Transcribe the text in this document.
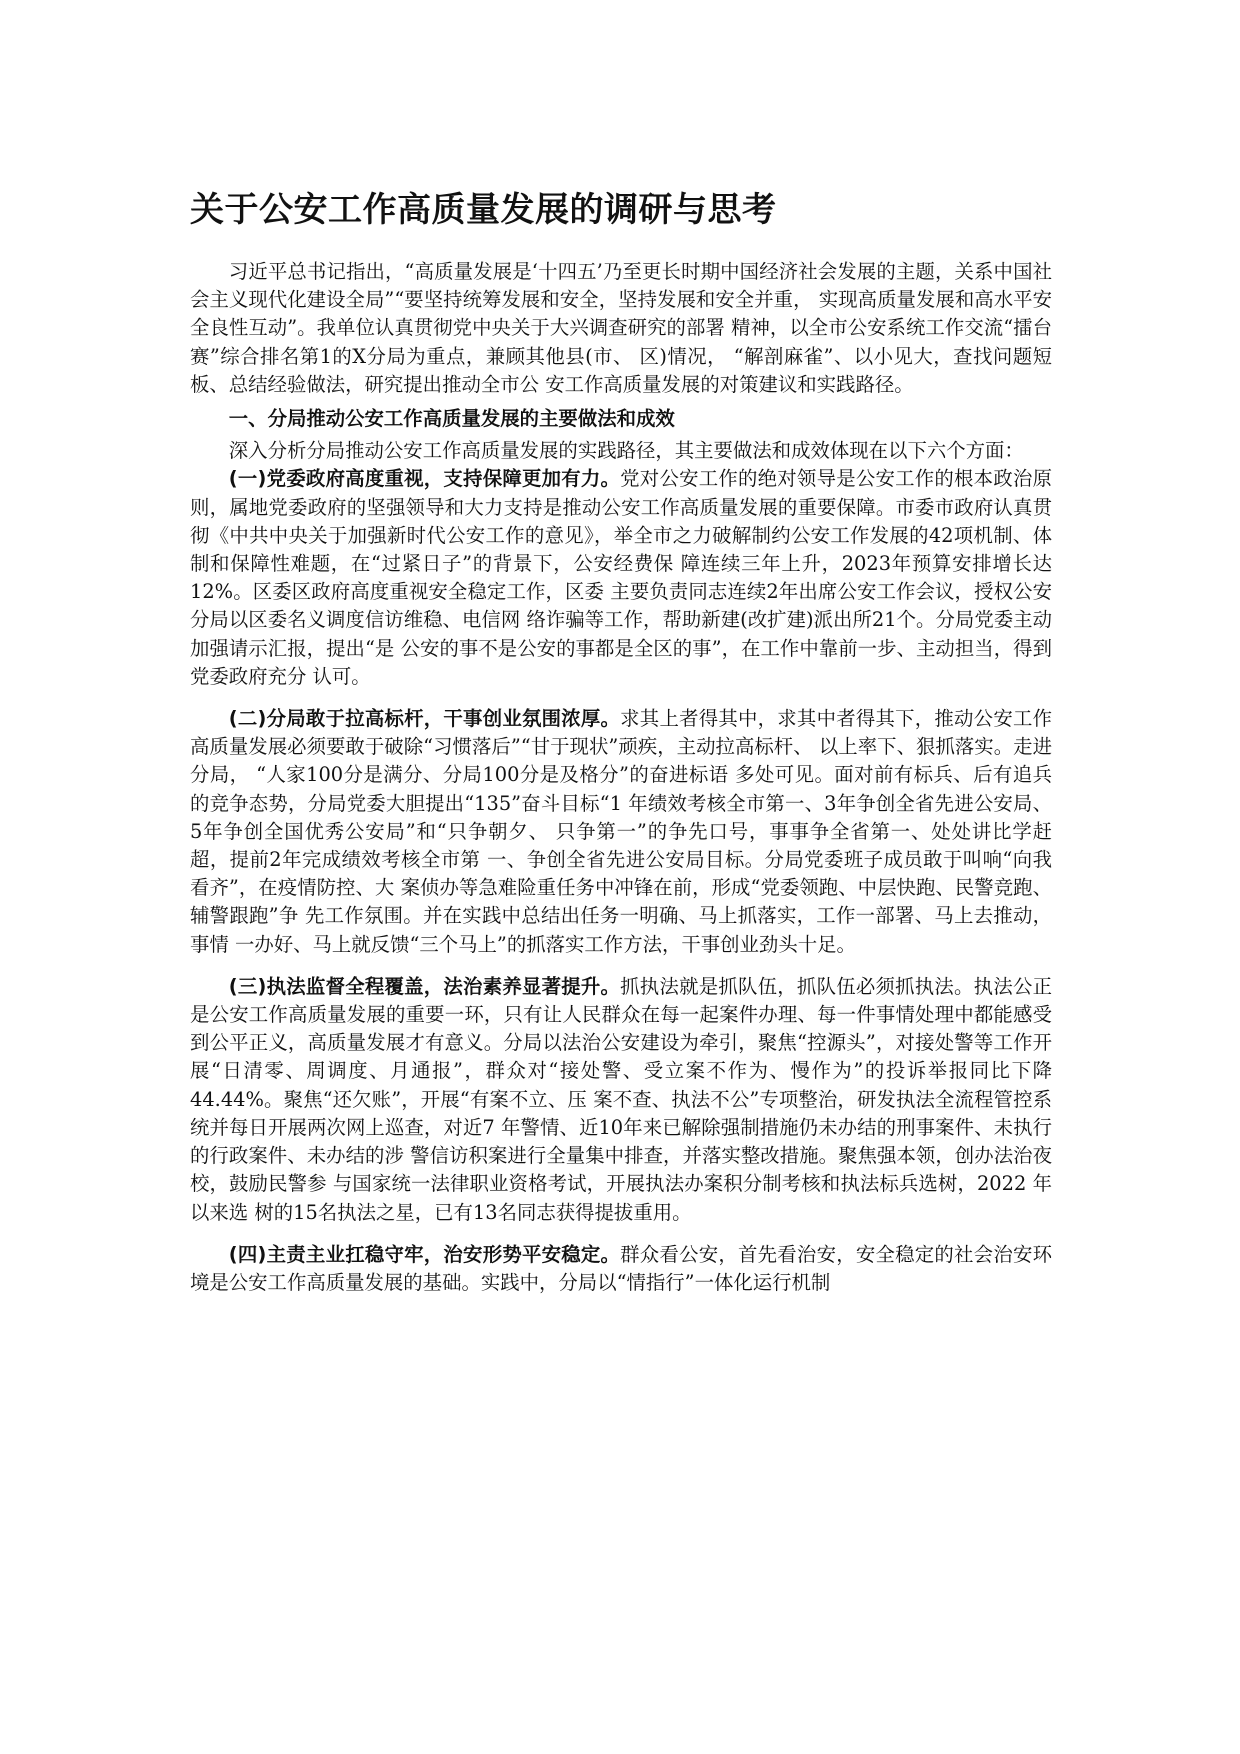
关于公安工作高质量发展的调研与思考

习近平总书记指出，“高质量发展是‘十四五’乃至更长时期中国经济社会发展的主题，关系中国社会主义现代化建设全局”“要坚持统筹发展和安全，坚持发展和安全并重， 实现高质量发展和高水平安全良性互动”。我单位认真贯彻党中央关于大兴调查研究的部署 精神，以全市公安系统工作交流“擂台赛”综合排名第1的X分局为重点，兼顾其他县(市、 区)情况， “解剖麻雀”、以小见大，查找问题短板、总结经验做法，研究提出推动全市公 安工作高质量发展的对策建议和实践路径。

一、分局推动公安工作高质量发展的主要做法和成效

深入分析分局推动公安工作高质量发展的实践路径，其主要做法和成效体现在以下六个方面：

(一)党委政府高度重视，支持保障更加有力。党对公安工作的绝对领导是公安工作的根本政治原则，属地党委政府的坚强领导和大力支持是推动公安工作高质量发展的重要保障。市委市政府认真贯彻《中共中央关于加强新时代公安工作的意见》，举全市之力破解制约公安工作发展的42项机制、体制和保障性难题，在“过紧日子”的背景下，公安经费保 障连续三年上升，2023年预算安排增长达12%。区委区政府高度重视安全稳定工作，区委 主要负责同志连续2年出席公安工作会议，授权公安分局以区委名义调度信访维稳、电信网 络诈骗等工作，帮助新建(改扩建)派出所21个。分局党委主动加强请示汇报，提出“是 公安的事不是公安的事都是全区的事”，在工作中靠前一步、主动担当，得到党委政府充分 认可。

(二)分局敢于拉高标杆，干事创业氛围浓厚。求其上者得其中，求其中者得其下，推动公安工作高质量发展必须要敢于破除“习惯落后”“甘于现状”顽疾，主动拉高标杆、 以上率下、狠抓落实。走进分局， “人家100分是满分、分局100分是及格分”的奋进标语 多处可见。面对前有标兵、后有追兵的竞争态势，分局党委大胆提出“135”奋斗目标“1 年绩效考核全市第一、3年争创全省先进公安局、5年争创全国优秀公安局”和“只争朝夕、 只争第一”的争先口号，事事争全省第一、处处讲比学赶超，提前2年完成绩效考核全市第 一、争创全省先进公安局目标。分局党委班子成员敢于叫响“向我看齐”，在疫情防控、大 案侦办等急难险重任务中冲锋在前，形成“党委领跑、中层快跑、民警竞跑、辅警跟跑”争 先工作氛围。并在实践中总结出任务一明确、马上抓落实，工作一部署、马上去推动，事情 一办好、马上就反馈“三个马上”的抓落实工作方法，干事创业劲头十足。

(三)执法监督全程覆盖，法治素养显著提升。抓执法就是抓队伍，抓队伍必须抓执法。执法公正是公安工作高质量发展的重要一环，只有让人民群众在每一起案件办理、每一件事情处理中都能感受到公平正义，高质量发展才有意义。分局以法治公安建设为牵引，聚焦“控源头”，对接处警等工作开展“日清零、周调度、月通报”，群众对“接处警、受立案不作为、慢作为”的投诉举报同比下降44.44%。聚焦“还欠账”，开展“有案不立、压 案不查、执法不公”专项整治，研发执法全流程管控系统并每日开展两次网上巡查，对近7 年警情、近10年来已解除强制措施仍未办结的刑事案件、未执行的行政案件、未办结的涉 警信访积案进行全量集中排查，并落实整改措施。聚焦强本领，创办法治夜校，鼓励民警参 与国家统一法律职业资格考试，开展执法办案积分制考核和执法标兵选树，2022 年以来选 树的15名执法之星，已有13名同志获得提拔重用。

(四)主责主业扛稳守牢，治安形势平安稳定。群众看公安，首先看治安，安全稳定的社会治安环境是公安工作高质量发展的基础。实践中，分局以“情指行”一体化运行机制
